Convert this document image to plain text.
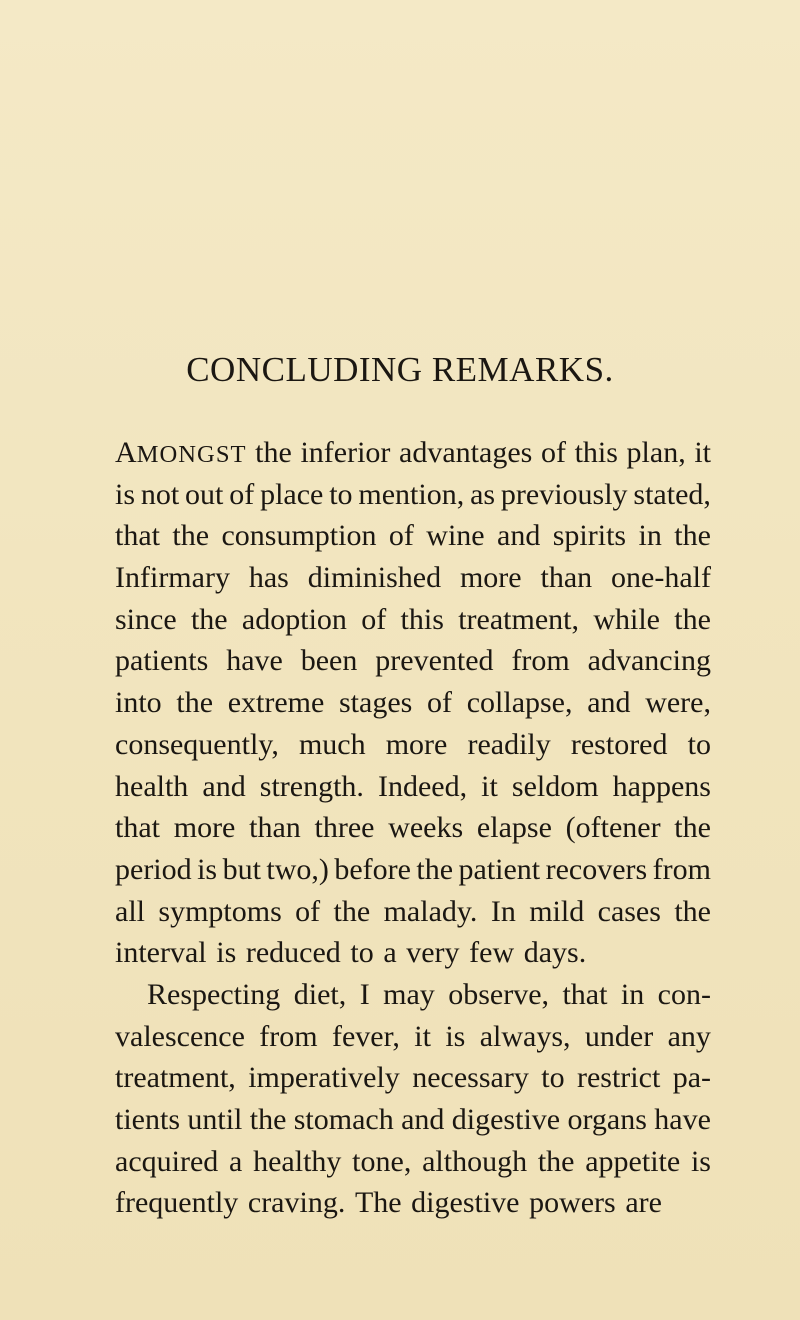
CONCLUDING REMARKS.
AMONGST the inferior advantages of this plan, it
is not out of place to mention, as previously stated,
that the consumption of wine and spirits in the
Infirmary has diminished more than one-half
since the adoption of this treatment, while the
patients have been prevented from advancing
into the extreme stages of collapse, and were,
consequently, much more readily restored to
health and strength. Indeed, it seldom happens
that more than three weeks elapse (oftener the
period is but two,) before the patient recovers from
all symptoms of the malady. In mild cases the
interval is reduced to a very few days.
Respecting diet, I may observe, that in con-
valescence from fever, it is always, under any
treatment, imperatively necessary to restrict pa-
tients until the stomach and digestive organs have
acquired a healthy tone, although the appetite is
frequently craving. The digestive powers are
